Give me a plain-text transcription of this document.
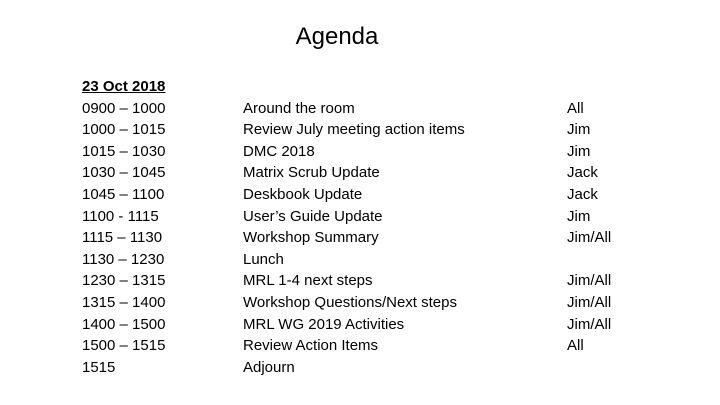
Agenda
23 Oct 2018
0900 – 1000	Around the room	All
1000 – 1015	Review July meeting action items	Jim
1015 – 1030	DMC 2018	Jim
1030 – 1045	Matrix Scrub Update	Jack
1045 – 1100	Deskbook Update	Jack
1100 - 1115	User’s Guide Update	Jim
1115 – 1130	Workshop Summary	Jim/All
1130 – 1230	Lunch
1230 – 1315	MRL 1-4 next steps	Jim/All
1315 – 1400	Workshop Questions/Next steps	Jim/All
1400 – 1500	MRL WG 2019 Activities	Jim/All
1500 – 1515	Review Action Items	All
1515	Adjourn
